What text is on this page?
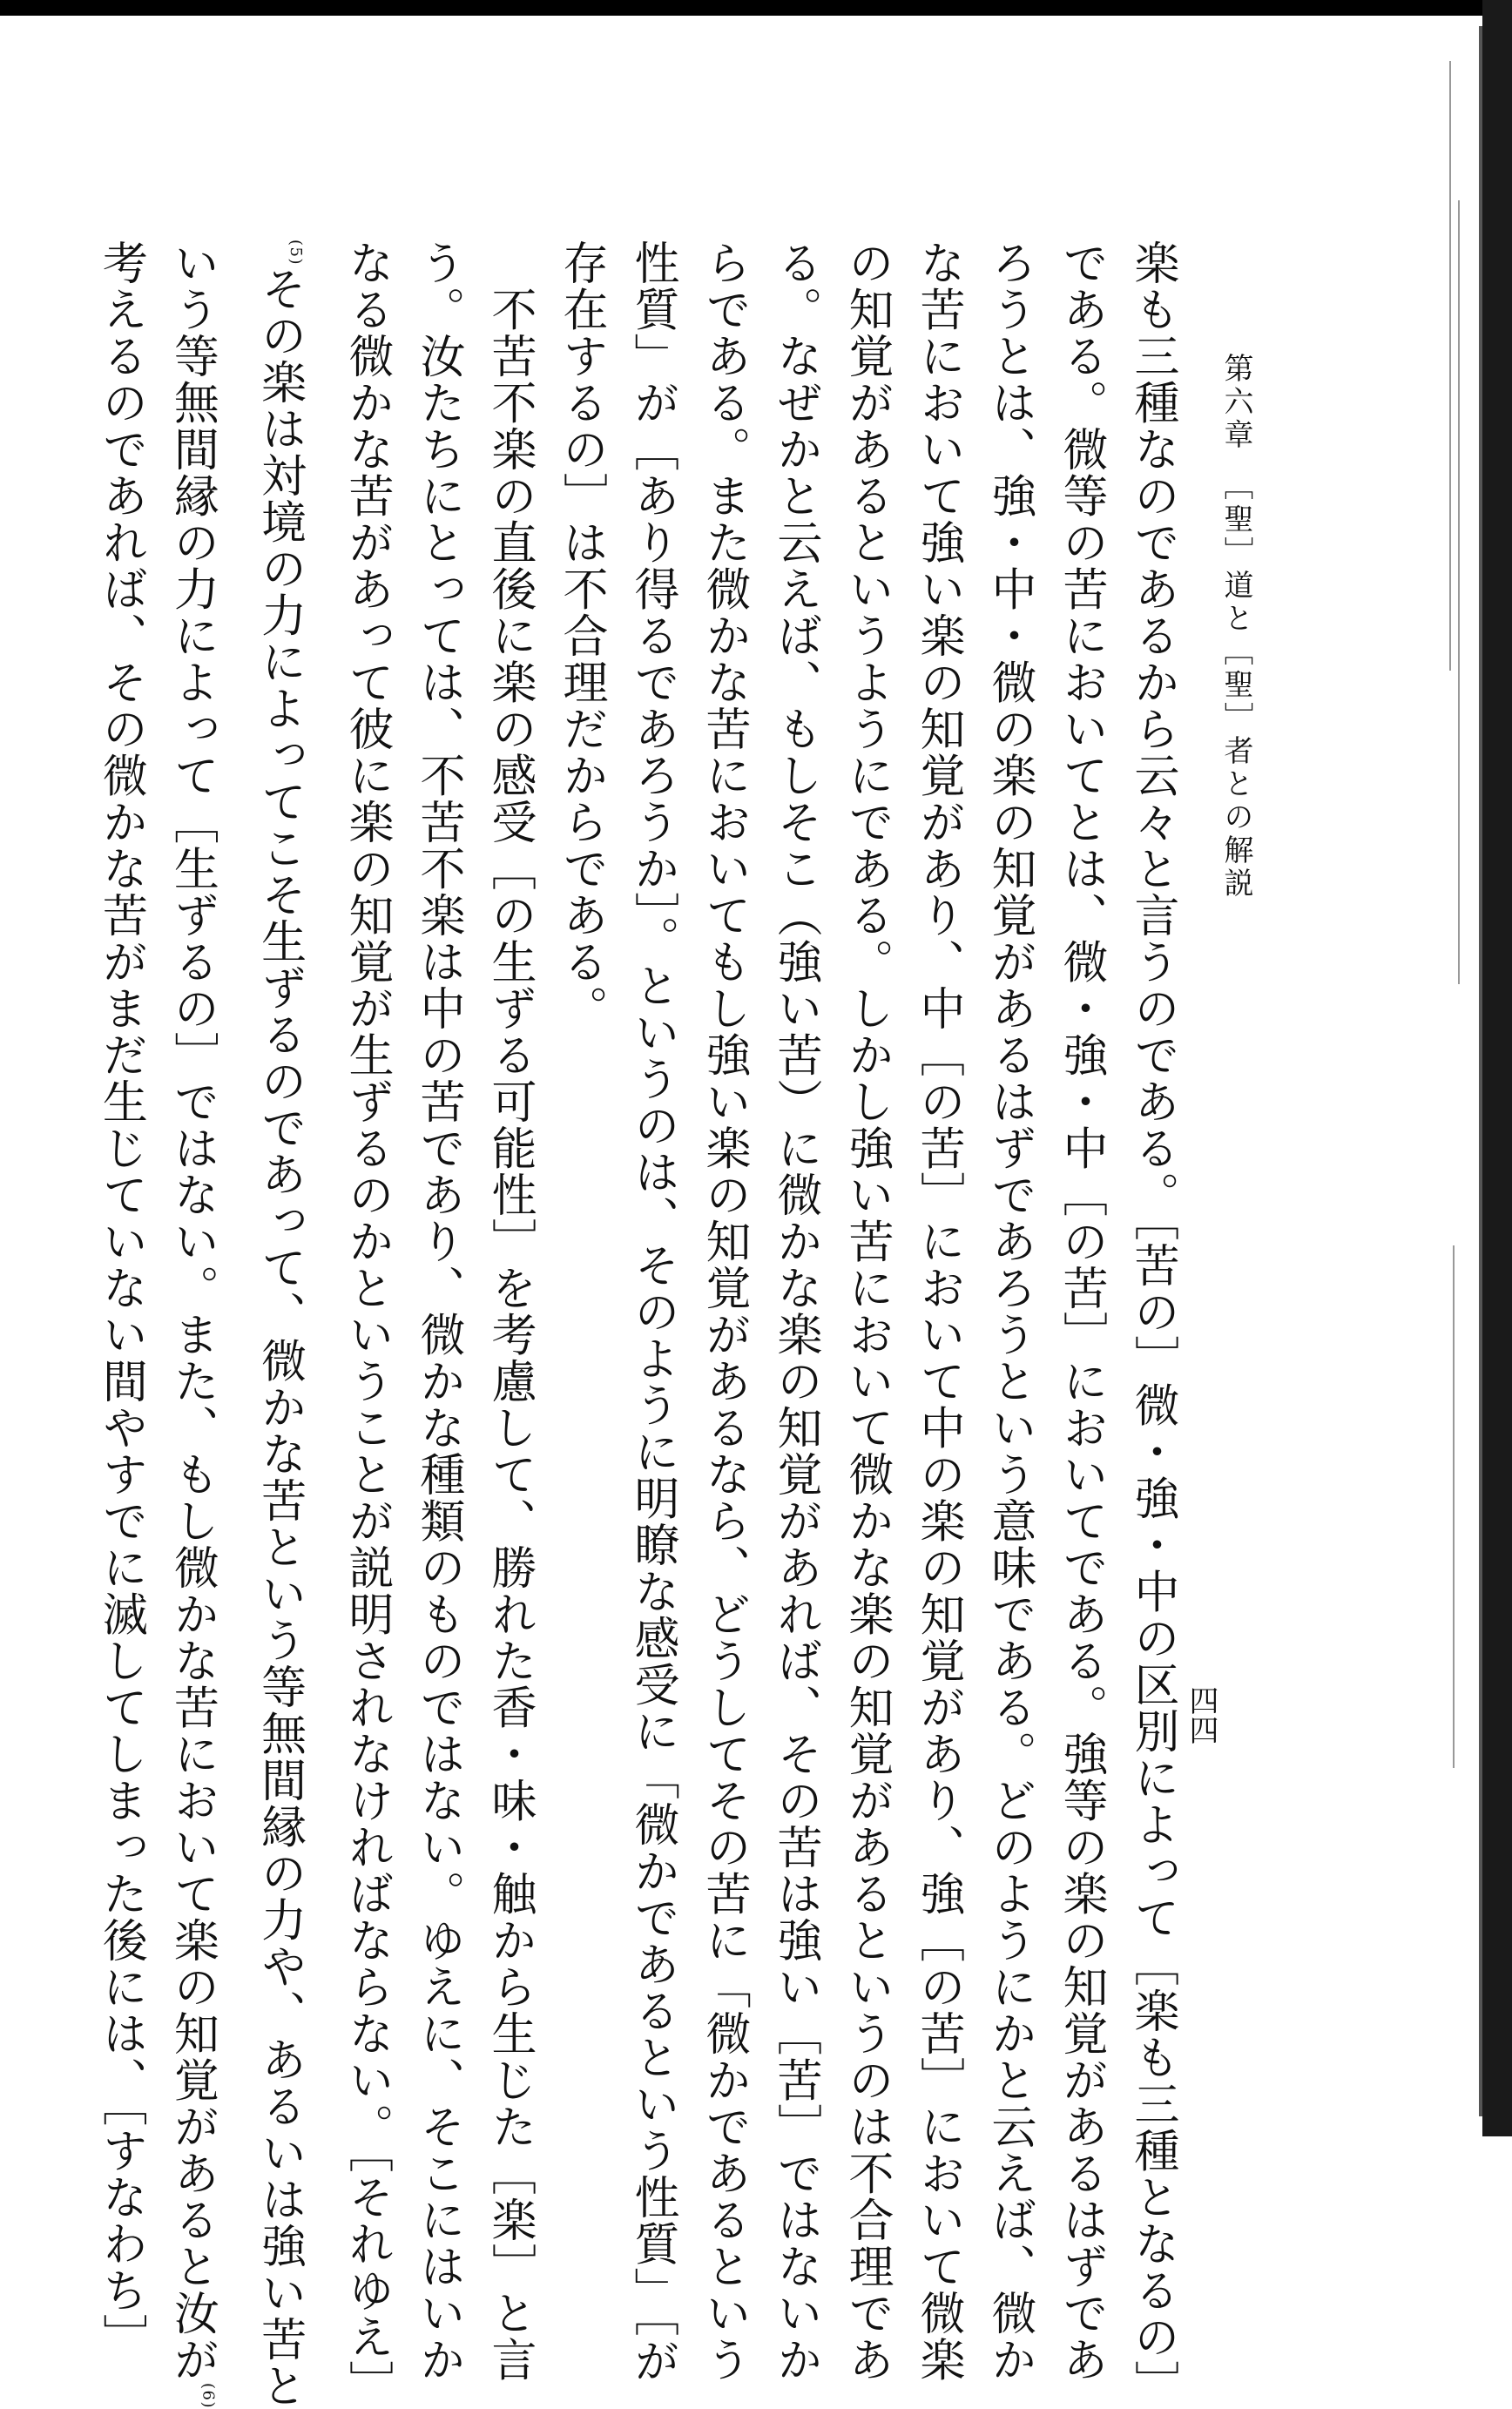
第六章　［聖］道と［聖］者との解説
四四
楽も三種なのであるから云々と言うのである。［苦の］微・強・中の区別によって［楽も三種となるの］
である。微等の苦においてとは、微・強・中［の苦］においてである。強等の楽の知覚があるはずであ
ろうとは、強・中・微の楽の知覚があるはずであろうという意味である。どのようにかと云えば、微か
な苦において強い楽の知覚があり、中［の苦］において中の楽の知覚があり、強［の苦］において微楽
の知覚があるというようにである。しかし強い苦において微かな楽の知覚があるというのは不合理であ
る。なぜかと云えば、もしそこ（強い苦）に微かな楽の知覚があれば、その苦は強い［苦］ではないか
らである。また微かな苦においてもし強い楽の知覚があるなら、どうしてその苦に「微かであるという
性質」が［あり得るであろうか］。というのは、そのように明瞭な感受に「微かであるという性質」［が
存在するの］は不合理だからである。
　不苦不楽の直後に楽の感受［の生ずる可能性］を考慮して、勝れた香・味・触から生じた［楽］と言
う。汝たちにとっては、不苦不楽は中の苦であり、微かな種類のものではない。ゆえに、そこにはいか
なる微かな苦があって彼に楽の知覚が生ずるのかということが説明されなければならない。［それゆえ］
$^{(5)}$その楽は対境の力によってこそ生ずるのであって、微かな苦という等無間縁の力や、あるいは強い苦と
いう等無間縁の力によって［生ずるの］ではない。また、もし微かな苦において楽の知覚があると汝が$^{(6)}$
考えるのであれば、その微かな苦がまだ生じていない間やすでに滅してしまった後には、［すなわち］
